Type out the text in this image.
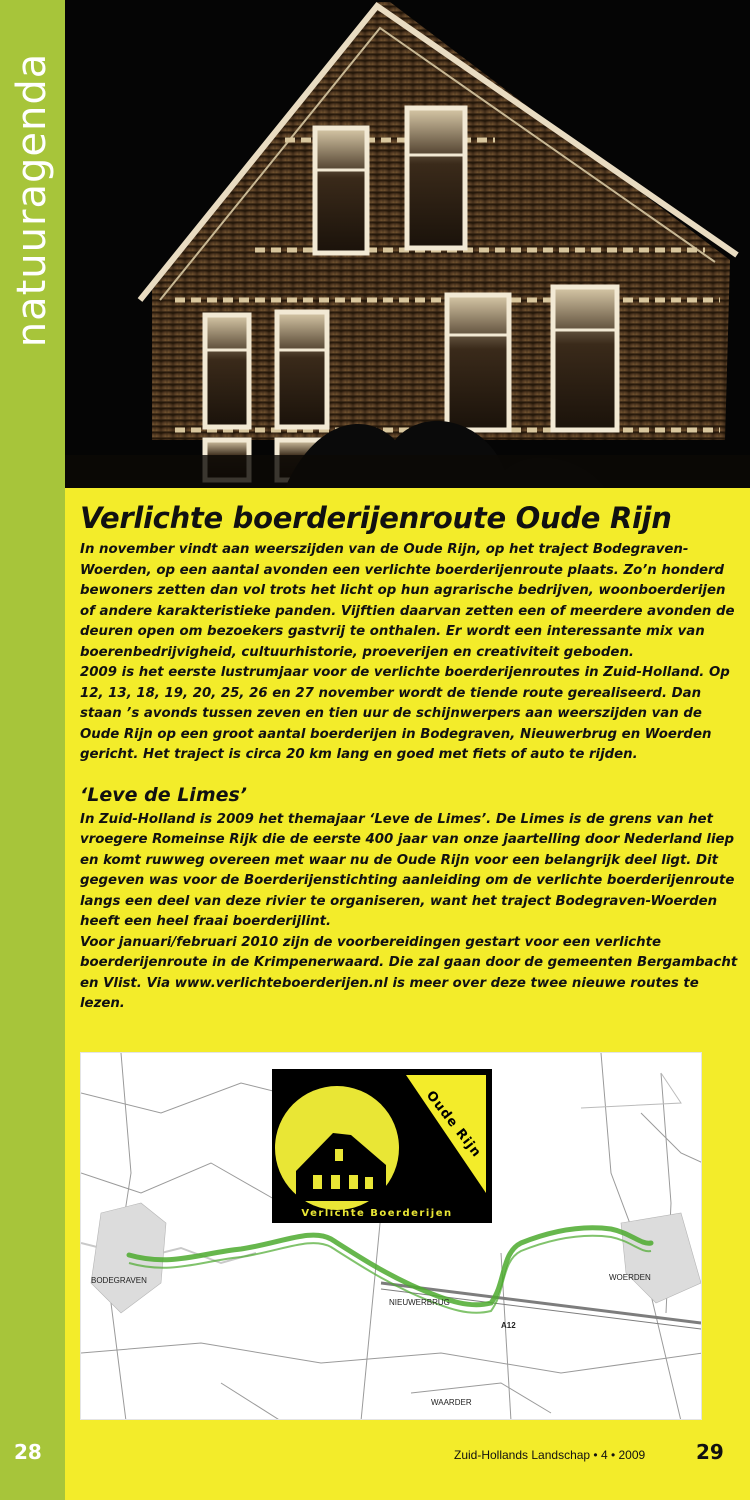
natuuragenda
28
Verlichte boerderijenroute Oude Rijn

In november vindt aan weerszijden van de Oude Rijn, op het traject Bodegraven-Woerden, op een aantal avonden een verlichte boerderijenroute plaats. Zo’n honderd bewoners zetten dan vol trots het licht op hun agrarische bedrijven, woonboerderijen of andere karakteristieke panden. Vijftien daarvan zetten een of meerdere avonden de deuren open om bezoekers gastvrij te onthalen. Er wordt een interessante mix van boerenbedrijvigheid, cultuurhistorie, proeverijen en creativiteit geboden.

2009 is het eerste lustrumjaar voor de verlichte boerderijenroutes in Zuid-Holland. Op 12, 13, 18, 19, 20, 25, 26 en 27 november wordt de tiende route gerealiseerd. Dan staan ’s avonds tussen zeven en tien uur de schijnwerpers aan weerszijden van de Oude Rijn op een groot aantal boerderijen in Bodegraven, Nieuwerbrug en Woerden gericht. Het traject is circa 20 km lang en goed met fiets of auto te rijden.

‘Leve de Limes’

In Zuid-Holland is 2009 het themajaar ‘Leve de Limes’. De Limes is de grens van het vroegere Romeinse Rijk die de eerste 400 jaar van onze jaartelling door Nederland liep en komt ruwweg overeen met waar nu de Oude Rijn voor een belangrijk deel ligt. Dit gegeven was voor de Boerderijenstichting aanleiding om de verlichte boerderijenroute langs een deel van deze rivier te organiseren, want het traject Bodegraven-Woerden heeft een heel fraai boerderijlint.

Voor januari/februari 2010 zijn de voorbereidingen gestart voor een verlichte boerderijenroute in de Krimpenerwaard. Die zal gaan door de gemeenten Bergambacht en Vlist. Via www.verlichteboerderijen.nl is meer over deze twee nieuwe routes te lezen.

Oude Rijn
Verlichte Boerderijen
BODEGRAVEN
NIEUWERBRUG
WOERDEN
WAARDER
A12
Zuid-Hollands Landschap • 4 • 2009	29
